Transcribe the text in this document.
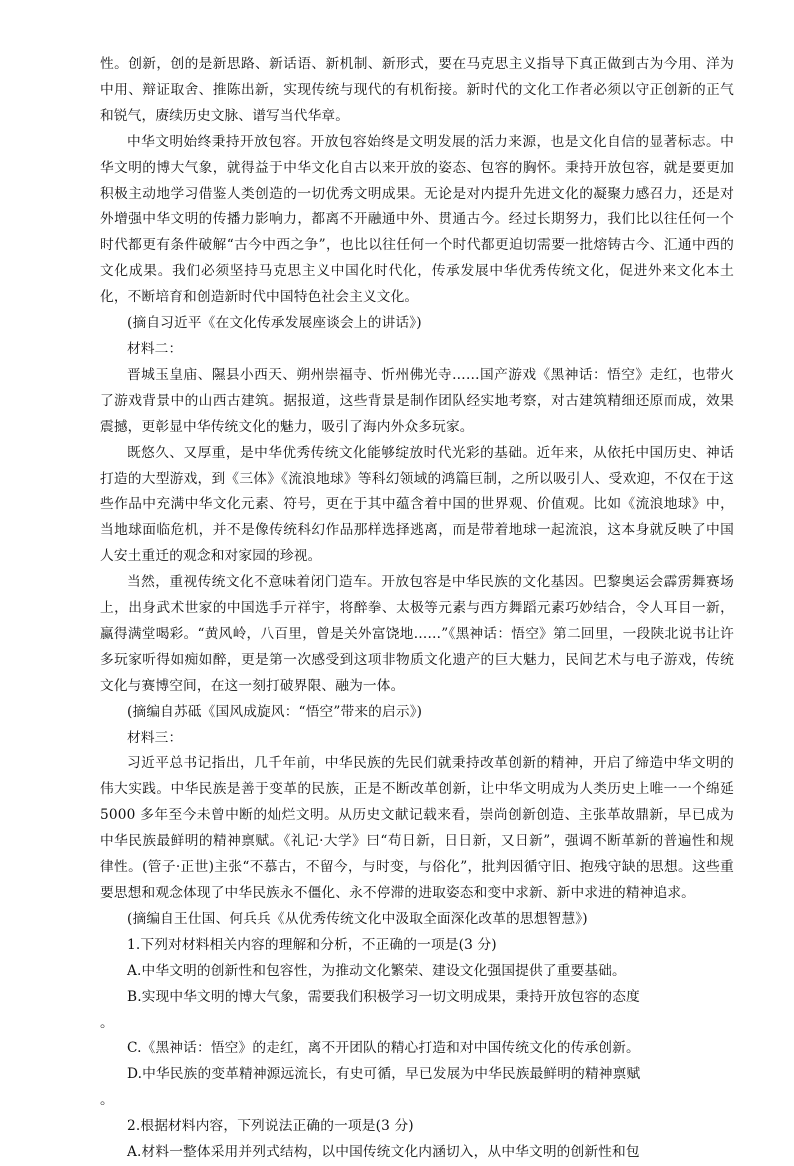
性。创新，创的是新思路、新话语、新机制、新形式，要在马克思主义指导下真正做到古为今用、洋为中用、辩证取舍、推陈出新，实现传统与现代的有机衔接。新时代的文化工作者必须以守正创新的正气和锐气，赓续历史文脉、谱写当代华章。

中华文明始终秉持开放包容。开放包容始终是文明发展的活力来源，也是文化自信的显著标志。中华文明的博大气象，就得益于中华文化自古以来开放的姿态、包容的胸怀。秉持开放包容，就是要更加积极主动地学习借鉴人类创造的一切优秀文明成果。无论是对内提升先进文化的凝聚力感召力，还是对外增强中华文明的传播力影响力，都离不开融通中外、贯通古今。经过长期努力，我们比以往任何一个时代都更有条件破解“古今中西之争”，也比以往任何一个时代都更迫切需要一批熔铸古今、汇通中西的文化成果。我们必须坚持马克思主义中国化时代化，传承发展中华优秀传统文化，促进外来文化本土化，不断培育和创造新时代中国特色社会主义文化。

(摘自习近平《在文化传承发展座谈会上的讲话》)

材料二：

晋城玉皇庙、隰县小西天、朔州崇福寺、忻州佛光寺……国产游戏《黑神话：悟空》走红，也带火了游戏背景中的山西古建筑。据报道，这些背景是制作团队经实地考察，对古建筑精细还原而成，效果震撼，更彰显中华传统文化的魅力，吸引了海内外众多玩家。

既悠久、又厚重，是中华优秀传统文化能够绽放时代光彩的基础。近年来，从依托中国历史、神话打造的大型游戏，到《三体》《流浪地球》等科幻领域的鸿篇巨制，之所以吸引人、受欢迎，不仅在于这些作品中充满中华文化元素、符号，更在于其中蕴含着中国的世界观、价值观。比如《流浪地球》中，当地球面临危机，并不是像传统科幻作品那样选择逃离，而是带着地球一起流浪，这本身就反映了中国人安土重迁的观念和对家园的珍视。

当然，重视传统文化不意味着闭门造车。开放包容是中华民族的文化基因。巴黎奥运会霹雳舞赛场上，出身武术世家的中国选手亓祥宇，将醉拳、太极等元素与西方舞蹈元素巧妙结合，令人耳目一新，赢得满堂喝彩。“黄风岭，八百里，曾是关外富饶地……”《黑神话：悟空》第二回里，一段陕北说书让许多玩家听得如痴如醉，更是第一次感受到这项非物质文化遗产的巨大魅力，民间艺术与电子游戏，传统文化与赛博空间，在这一刻打破界限、融为一体。

(摘编自苏砥《国风成旋风：“悟空”带来的启示》)

材料三：

习近平总书记指出，几千年前，中华民族的先民们就秉持改革创新的精神，开启了缔造中华文明的伟大实践。中华民族是善于变革的民族，正是不断改革创新，让中华文明成为人类历史上唯一一个绵延 5000 多年至今未曾中断的灿烂文明。从历史文献记载来看，崇尚创新创造、主张革故鼎新，早已成为中华民族最鲜明的精神禀赋。《礼记·大学》曰“苟日新，日日新，又日新”，强调不断革新的普遍性和规律性。(管子·正世)主张“不慕古，不留今，与时变，与俗化”，批判因循守旧、抱残守缺的思想。这些重要思想和观念体现了中华民族永不僵化、永不停滞的进取姿态和变中求新、新中求进的精神追求。

(摘编自王仕国、何兵兵《从优秀传统文化中汲取全面深化改革的思想智慧》)

1.下列对材料相关内容的理解和分析，不正确的一项是(3 分)

A.中华文明的创新性和包容性，为推动文化繁荣、建设文化强国提供了重要基础。

B.实现中华文明的博大气象，需要我们积极学习一切文明成果，秉持开放包容的态度

。

C.《黑神话：悟空》的走红，离不开团队的精心打造和对中国传统文化的传承创新。

D.中华民族的变革精神源远流长，有史可循，早已发展为中华民族最鲜明的精神禀赋

。

2.根据材料内容，下列说法正确的一项是(3 分)

A.材料一整体采用并列式结构，以中国传统文化内涵切入，从中华文明的创新性和包
